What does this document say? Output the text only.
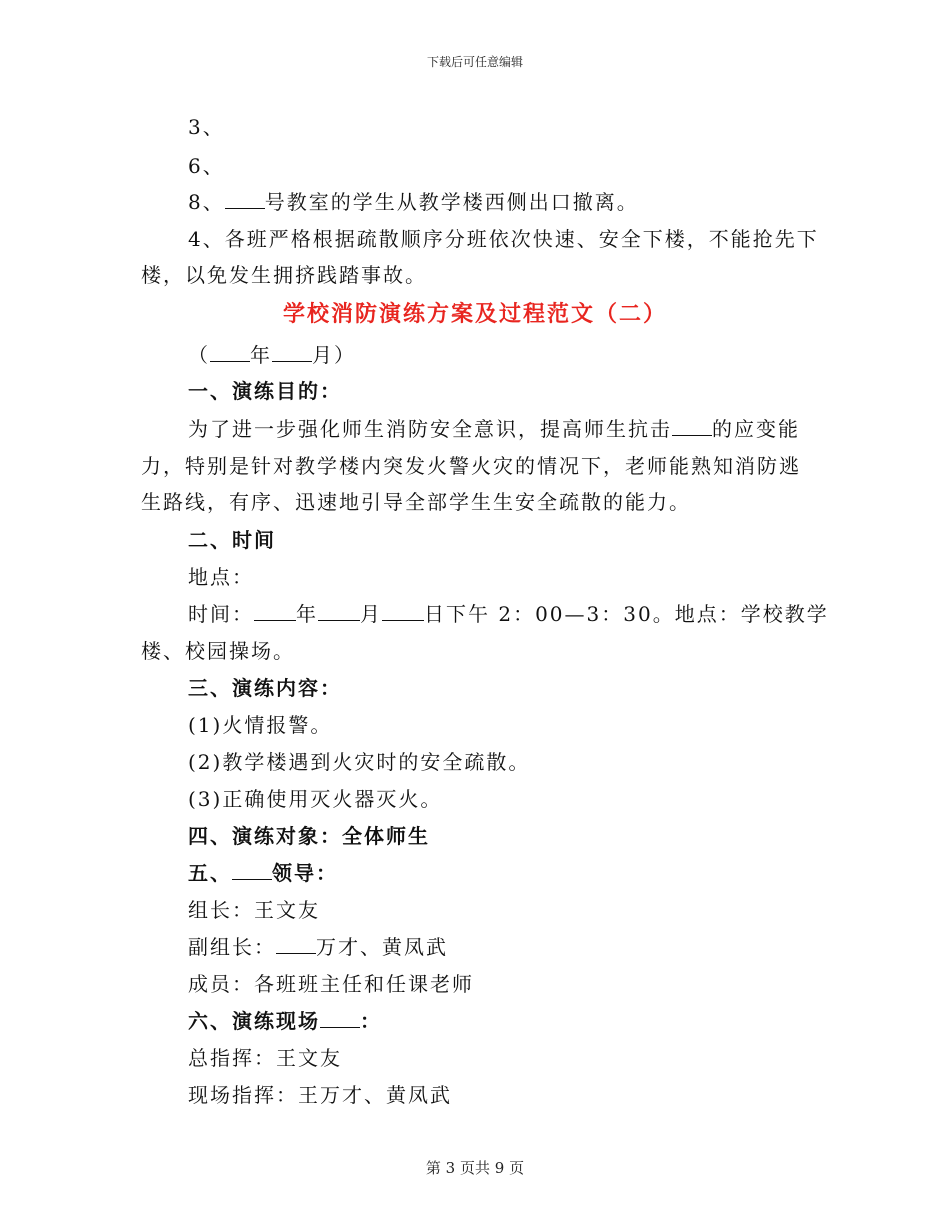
下载后可任意编辑
3、
6、
8、 号教室的学生从教学楼西侧出口撤离。
4、各班严格根据疏散顺序分班依次快速、安全下楼，不能抢先下
楼，以免发生拥挤践踏事故。
学校消防演练方案及过程范文（二）
（ 年 月）
一、演练目的：
为了进一步强化师生消防安全意识，提高师生抗击 的应变能
力，特别是针对教学楼内突发火警火灾的情况下，老师能熟知消防逃
生路线，有序、迅速地引导全部学生生安全疏散的能力。
二、时间
地点：
时间： 年 月 日下午 2：00—3：30。地点：学校教学
楼、校园操场。
三、演练内容：
(1)火情报警。
(2)教学楼遇到火灾时的安全疏散。
(3)正确使用灭火器灭火。
四、演练对象：全体师生
五、 领导：
组长：王文友
副组长： 万才、黄凤武
成员：各班班主任和任课老师
六、演练现场 ：
总指挥：王文友
现场指挥：王万才、黄凤武
第 3 页共 9 页
